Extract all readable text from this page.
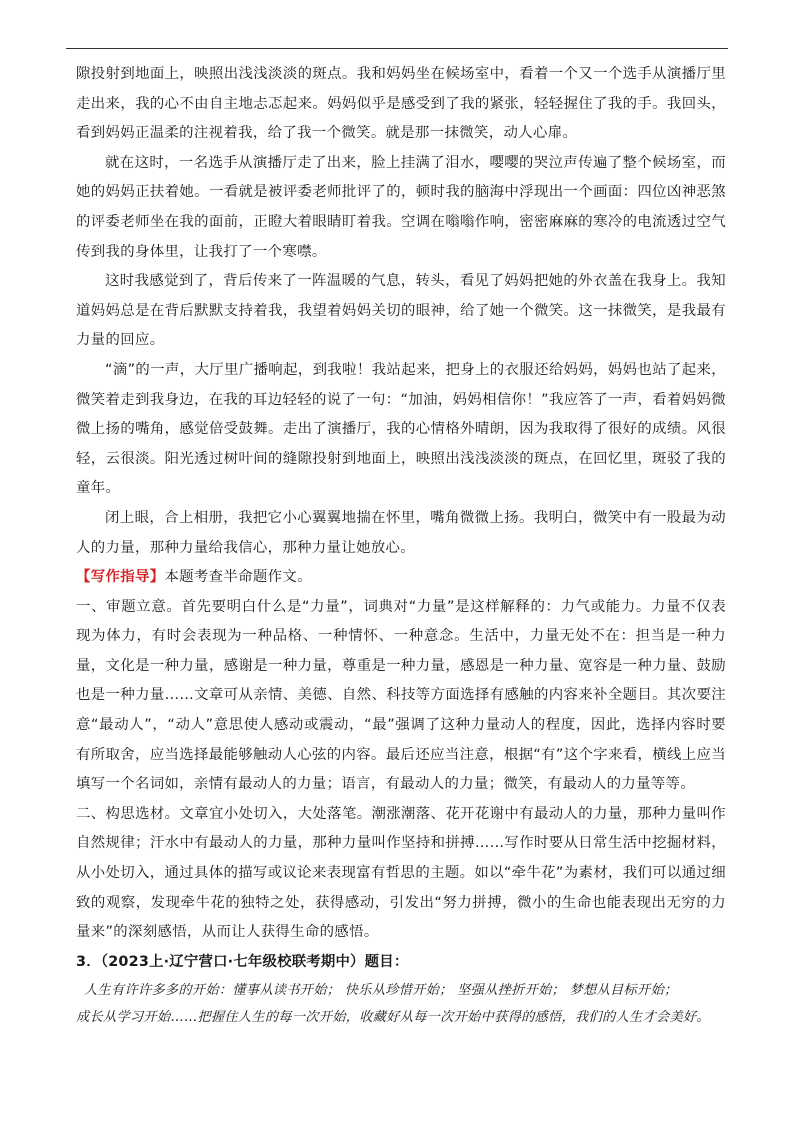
隙投射到地面上，映照出浅浅淡淡的斑点。我和妈妈坐在候场室中，看着一个又一个选手从演播厅里走出来，我的心不由自主地忐忑起来。妈妈似乎是感受到了我的紧张，轻轻握住了我的手。我回头，看到妈妈正温柔的注视着我，给了我一个微笑。就是那一抹微笑，动人心扉。

就在这时，一名选手从演播厅走了出来，脸上挂满了泪水，嘤嘤的哭泣声传遍了整个候场室，而她的妈妈正扶着她。一看就是被评委老师批评了的，顿时我的脑海中浮现出一个画面：四位凶神恶煞的评委老师坐在我的面前，正瞪大着眼睛盯着我。空调在嗡嗡作响，密密麻麻的寒冷的电流透过空气传到我的身体里，让我打了一个寒噤。

这时我感觉到了，背后传来了一阵温暖的气息，转头，看见了妈妈把她的外衣盖在我身上。我知道妈妈总是在背后默默支持着我，我望着妈妈关切的眼神，给了她一个微笑。这一抹微笑，是我最有力量的回应。

“滴”的一声，大厅里广播响起，到我啦！我站起来，把身上的衣服还给妈妈，妈妈也站了起来，微笑着走到我身边，在我的耳边轻轻的说了一句：“加油，妈妈相信你！”我应答了一声，看着妈妈微微上扬的嘴角，感觉倍受鼓舞。走出了演播厅，我的心情格外晴朗，因为我取得了很好的成绩。风很轻，云很淡。阳光透过树叶间的缝隙投射到地面上，映照出浅浅淡淡的斑点，在回忆里，斑驳了我的童年。

闭上眼，合上相册，我把它小心翼翼地揣在怀里，嘴角微微上扬。我明白，微笑中有一股最为动人的力量，那种力量给我信心，那种力量让她放心。

【写作指导】本题考查半命题作文。

一、审题立意。首先要明白什么是“力量”，词典对“力量”是这样解释的：力气或能力。力量不仅表现为体力，有时会表现为一种品格、一种情怀、一种意念。生活中，力量无处不在：担当是一种力量，文化是一种力量，感谢是一种力量，尊重是一种力量，感恩是一种力量、宽容是一种力量、鼓励也是一种力量……文章可从亲情、美德、自然、科技等方面选择有感触的内容来补全题目。其次要注意“最动人”，“动人”意思使人感动或震动，“最”强调了这种力量动人的程度，因此，选择内容时要有所取舍，应当选择最能够触动人心弦的内容。最后还应当注意，根据“有”这个字来看，横线上应当填写一个名词如，亲情有最动人的力量；语言，有最动人的力量；微笑，有最动人的力量等等。

二、构思选材。文章宜小处切入，大处落笔。潮涨潮落、花开花谢中有最动人的力量，那种力量叫作自然规律；汗水中有最动人的力量，那种力量叫作坚持和拼搏……写作时要从日常生活中挖掘材料，从小处切入，通过具体的描写或议论来表现富有哲思的主题。如以“牵牛花”为素材，我们可以通过细致的观察，发现牵牛花的独特之处，获得感动，引发出“努力拼搏，微小的生命也能表现出无穷的力量来”的深刻感悟，从而让人获得生命的感悟。

3．（2023上·辽宁营口·七年级校联考期中）题目：

人生有许许多多的开始：懂事从读书开始； 快乐从珍惜开始； 坚强从挫折开始； 梦想从目标开始；

成长从学习开始……把握住人生的每一次开始，收藏好从每一次开始中获得的感悟，我们的人生才会美好。
